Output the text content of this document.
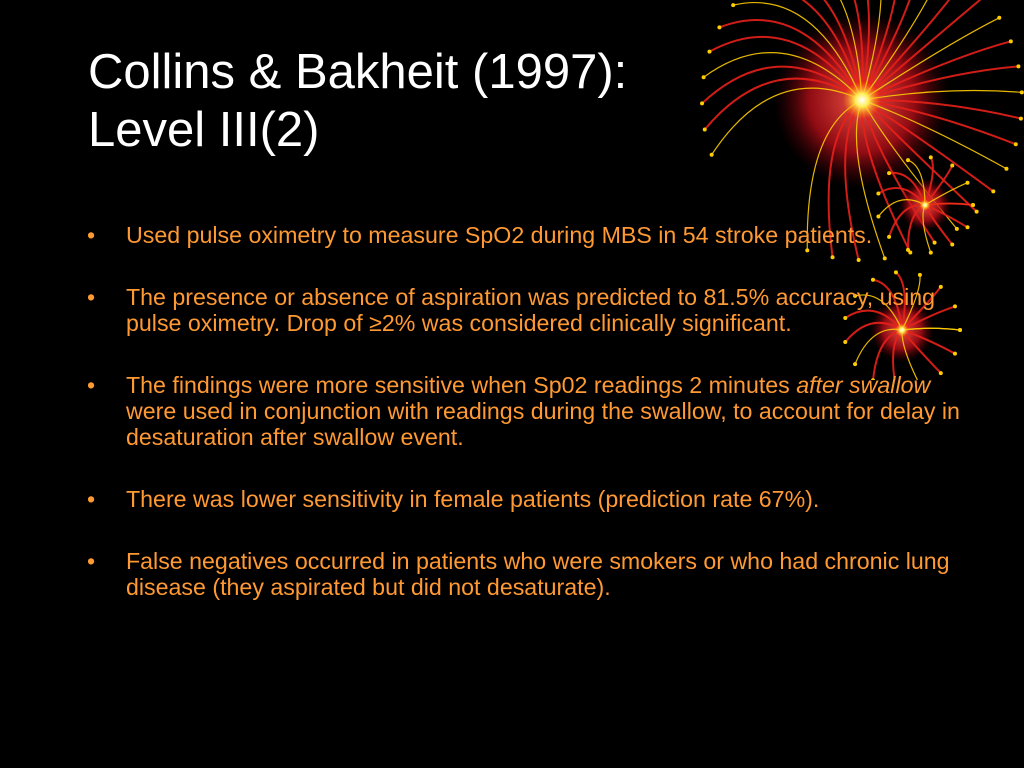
Collins & Bakheit (1997):
Level III(2)
• Used pulse oximetry to measure SpO2 during MBS in 54 stroke patients.
• The presence or absence of aspiration was predicted to 81.5% accuracy, using pulse oximetry. Drop of ≥2% was considered clinically significant.
• The findings were more sensitive when Sp02 readings 2 minutes after swallow were used in conjunction with readings during the swallow, to account for delay in desaturation after swallow event.
• There was lower sensitivity in female patients (prediction rate 67%).
• False negatives occurred in patients who were smokers or who had chronic lung disease (they aspirated but did not desaturate).
